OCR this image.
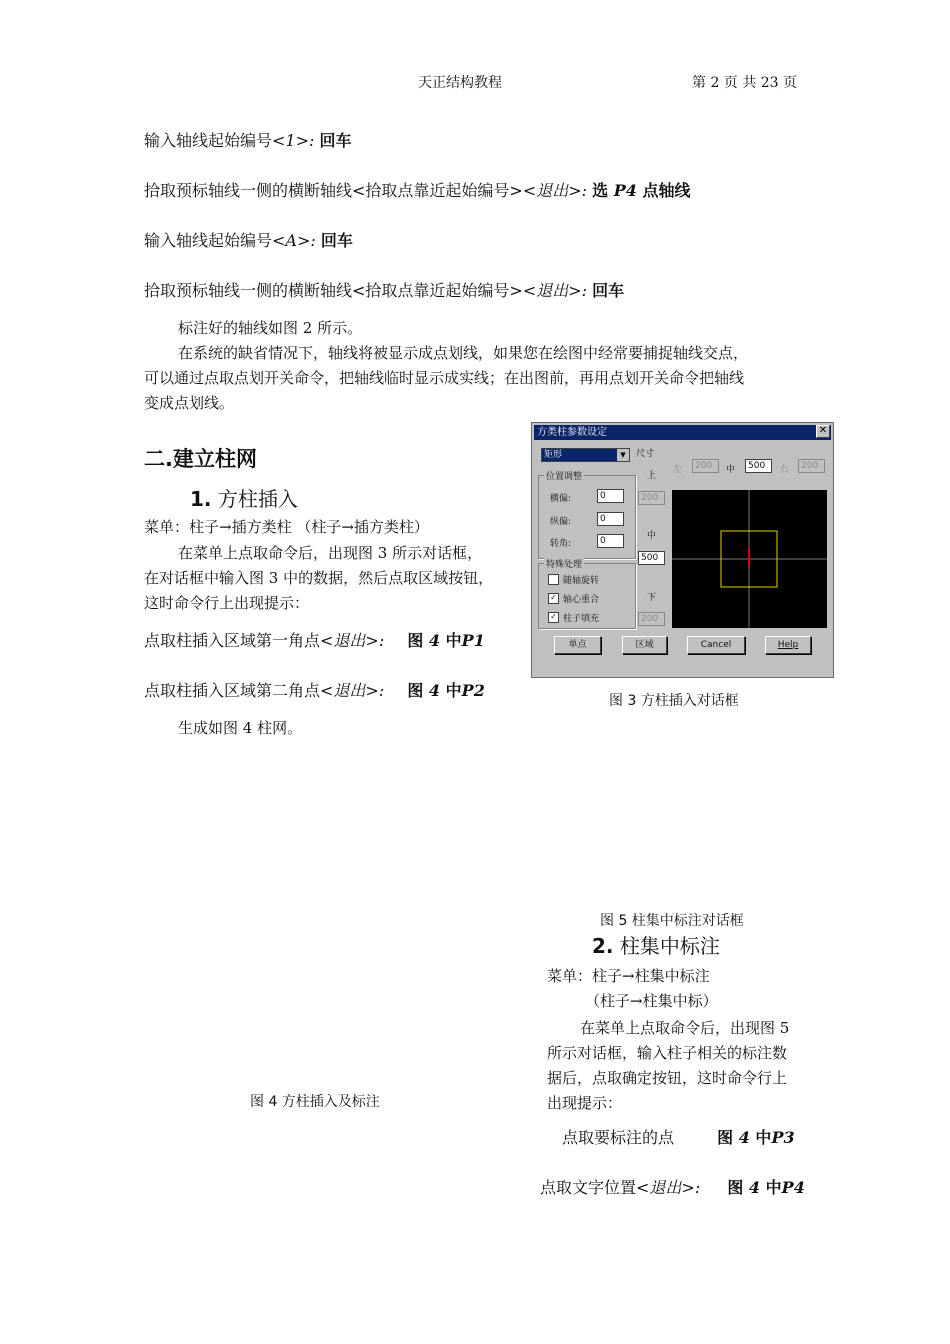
天正结构教程	第 2 页 共 23 页
输入轴线起始编号<1>: 回车
拾取预标轴线一侧的横断轴线<拾取点靠近起始编号><退出>: 选 P4 点轴线
输入轴线起始编号<A>: 回车
拾取预标轴线一侧的横断轴线<拾取点靠近起始编号><退出>: 回车
标注好的轴线如图 2 所示。
在系统的缺省情况下，轴线将被显示成点划线，如果您在绘图中经常要捕捉轴线交点，
可以通过点取点划开关命令，把轴线临时显示成实线；在出图前，再用点划开关命令把轴线
变成点划线。
二.建立柱网
1. 方柱插入
菜单：柱子→插方类柱 （柱子→插方类柱）
在菜单上点取命令后，出现图 3 所示对话框，
在对话框中输入图 3 中的数据，然后点取区域按钮，
这时命令行上出现提示：
点取柱插入区域第一角点<退出>: 图 4 中P1
点取柱插入区域第二角点<退出>: 图 4 中P2
生成如图 4 柱网。
方类柱参数设定	✕
矩形	▼	尺寸
上
左	200	中	500	右	200
位置调整
横偏:	0
纵偏:	0
转角:	0
200
中
500
下
200
特殊处理
随轴旋转
✓ 轴心重合
✓ 柱子填充
单点	区域	Cancel	Help
图 3 方柱插入对话框
图 5 柱集中标注对话框
2. 柱集中标注
菜单：柱子→柱集中标注
（柱子→柱集中标）
在菜单上点取命令后，出现图 5
所示对话框，输入柱子相关的标注数
据后，点取确定按钮，这时命令行上
出现提示：
图 4 方柱插入及标注
点取要标注的点	图 4 中P3
点取文字位置<退出>: 图 4 中P4
